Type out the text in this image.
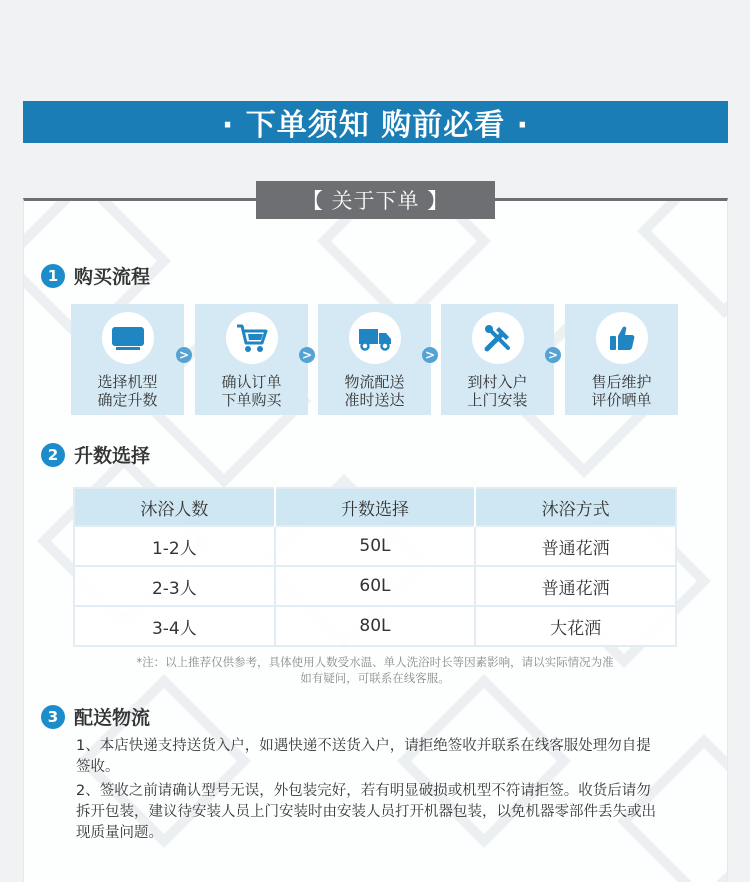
· 下单须知 购前必看 ·
【 关于下单 】
1 购买流程
选择机型
确定升数
>
确认订单
下单购买
>
物流配送
准时送达
>
到村入户
上门安装
>
售后维护
评价晒单
2 升数选择
沐浴人数	升数选择	沐浴方式
1-2人	50L	普通花洒
2-3人	60L	普通花洒
3-4人	80L	大花洒
*注：以上推荐仅供参考，具体使用人数受水温、单人洗浴时长等因素影响，请以实际情况为准
如有疑问，可联系在线客服。
3 配送物流

1、本店快递支持送货入户，如遇快递不送货入户，请拒绝签收并联系在线客服处理勿自提签收。

2、签收之前请确认型号无误，外包装完好，若有明显破损或机型不符请拒签。收货后请勿拆开包装，建议待安装人员上门安装时由安装人员打开机器包装，以免机器零部件丢失或出现质量问题。
